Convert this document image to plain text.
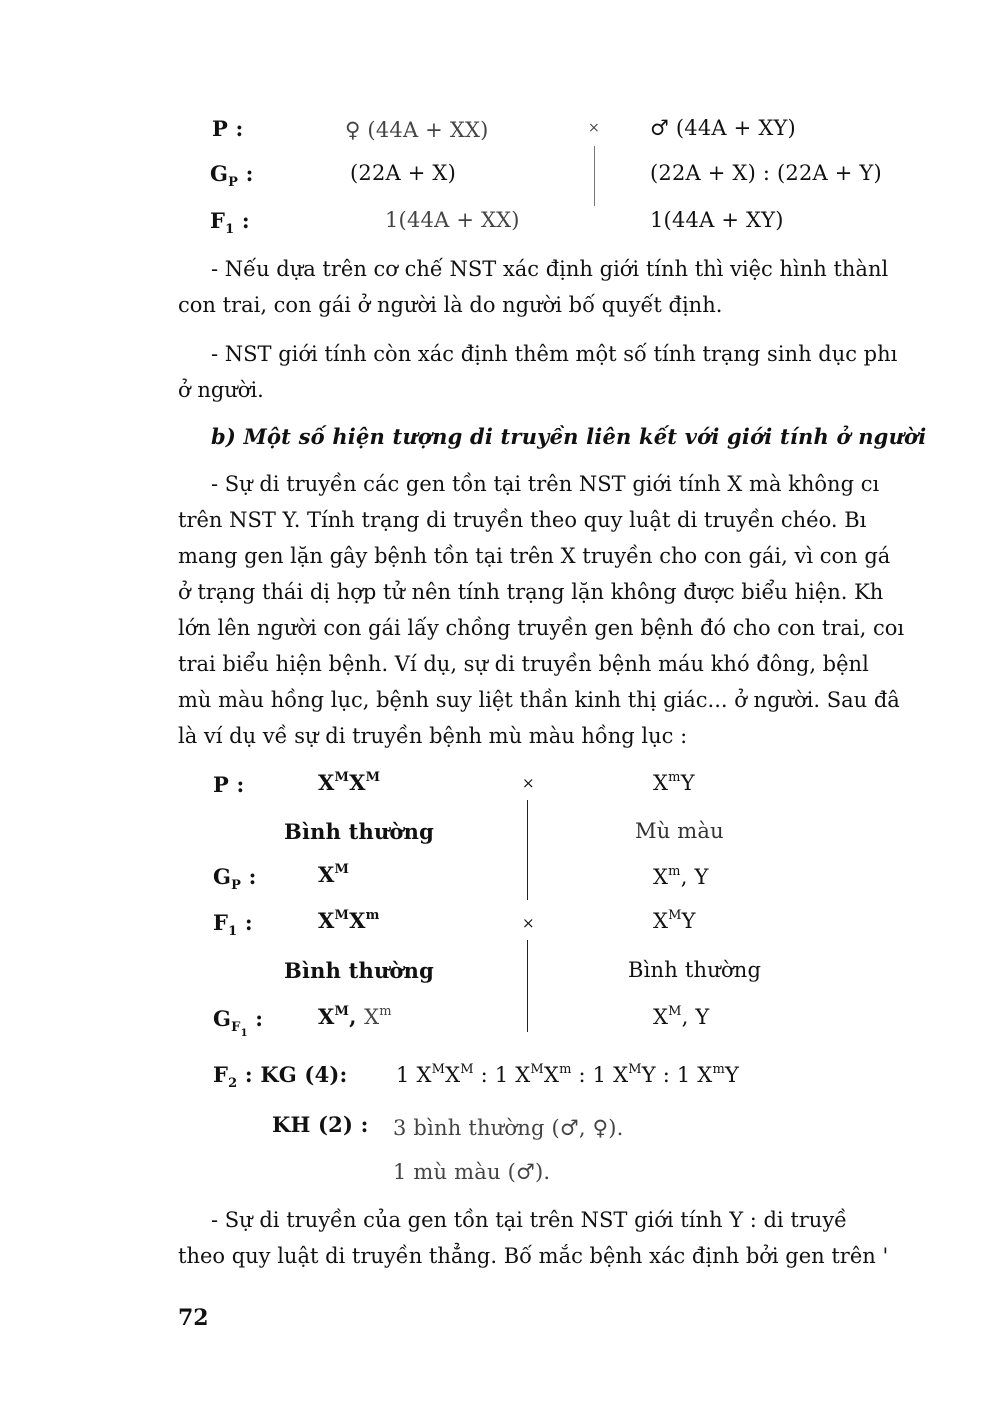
P :	♀ (44A + XX)	× ♂ (44A + XY)
$G_P$ :	(22A + X)	(22A + X) : (22A + Y)
$F_1$ :	1(44A + XX)	1(44A + XY)
- Nếu dựa trên cơ chế NST xác định giới tính thì việc hình thànl
con trai, con gái ở người là do người bố quyết định.
- NST giới tính còn xác định thêm một số tính trạng sinh dục phı
ở người.
b) Một số hiện tượng di truyền liên kết với giới tính ở người
- Sự di truyền các gen tồn tại trên NST giới tính X mà không cı
trên NST Y. Tính trạng di truyền theo quy luật di truyền chéo. Bı
mang gen lặn gây bệnh tồn tại trên X truyền cho con gái, vì con gá
ở trạng thái dị hợp tử nên tính trạng lặn không được biểu hiện. Kh
lớn lên người con gái lấy chồng truyền gen bệnh đó cho con trai, coı
trai biểu hiện bệnh. Ví dụ, sự di truyền bệnh máu khó đông, bệnl
mù màu hồng lục, bệnh suy liệt thần kinh thị giác... ở người. Sau đâ
là ví dụ về sự di truyền bệnh mù màu hồng lục :
P :	$X^MX^M$	×	$X^mY$
Bình thường	Mù màu
$G_P$ :	$X^M$	$X^m$, Y
$F_1$ :	$X^MX^m$	×	$X^MY$
Bình thường	Bình thường
$G_{F_1}$ :	$X^M$, $X^m$	$X^M$, Y
$F_2$ : KG (4): 1 $X^MX^M$ : 1 $X^MX^m$ : 1 $X^MY$ : 1 $X^mY$
KH (2) : 3 bình thường (♂, ♀).
1 mù màu (♂).
- Sự di truyền của gen tồn tại trên NST giới tính Y : di truyề
theo quy luật di truyền thẳng. Bố mắc bệnh xác định bởi gen trên '
72
